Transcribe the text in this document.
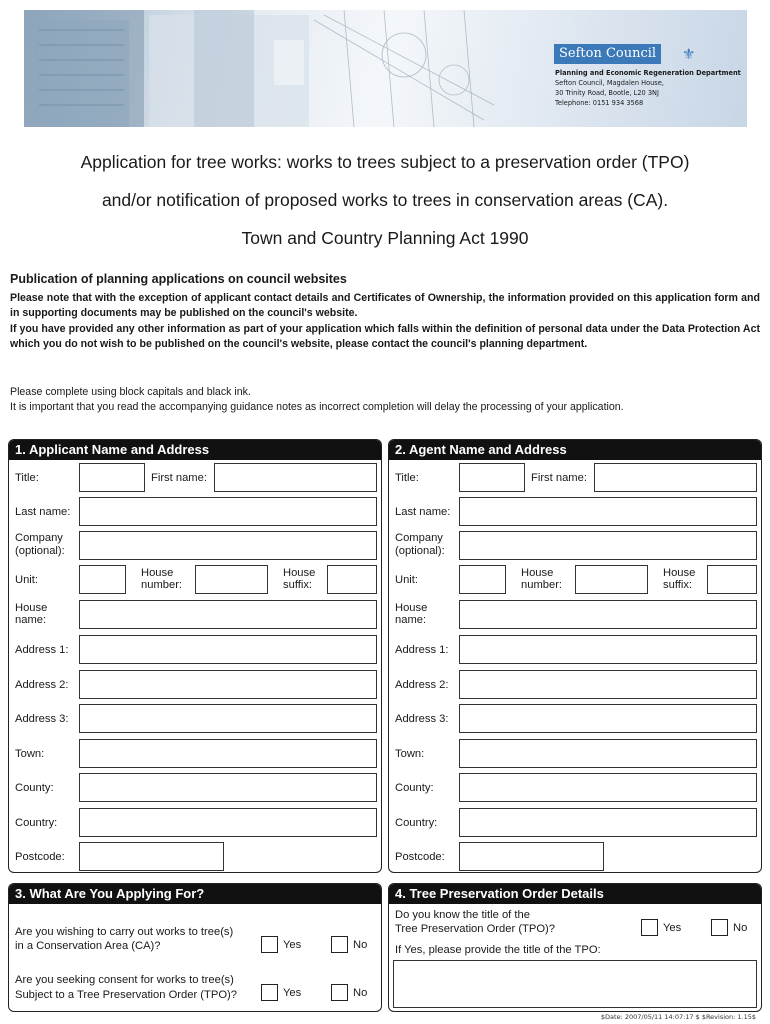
Sefton Council	⚜
Planning and Economic Regeneration Department
Sefton Council, Magdalen House,
30 Trinity Road, Bootle, L20 3NJ
Telephone: 0151 934 3568
Application for tree works: works to trees subject to a preservation order (TPO)
and/or notification of proposed works to trees in conservation areas (CA).
Town and Country Planning Act 1990
Publication of planning applications on council websites
Please note that with the exception of applicant contact details and Certificates of Ownership, the information provided on this application form and in supporting documents may be published on the council's website.
If you have provided any other information as part of your application which falls within the definition of personal data under the Data Protection Act which you do not wish to be published on the council's website, please contact the council's planning department.
Please complete using block capitals and black ink.
It is important that you read the accompanying guidance notes as incorrect completion will delay the processing of your application.
1. Applicant Name and Address
Title:	First name:
Last name:
Company
(optional):
Unit:
House
number:
House
suffix:
House
name:
Address 1:
Address 2:
Address 3:
Town:
County:
Country:
Postcode:
2. Agent Name and Address
Title:	First name:
Last name:
Company
(optional):
Unit:
House
number:
House
suffix:
House
name:
Address 1:
Address 2:
Address 3:
Town:
County:
Country:
Postcode:
3. What Are You Applying For?
Are you wishing to carry out works to tree(s)
in a Conservation Area (CA)?	Yes	No
Are you seeking consent for works to tree(s)
Subject to a Tree Preservation Order (TPO)?	Yes	No
4. Tree Preservation Order Details
Do you know the title of the
Tree Preservation Order (TPO)?	Yes	No
If Yes, please provide the title of the TPO:
$Date: 2007/05/11 14:07:17 $ $Revision: 1.15$
